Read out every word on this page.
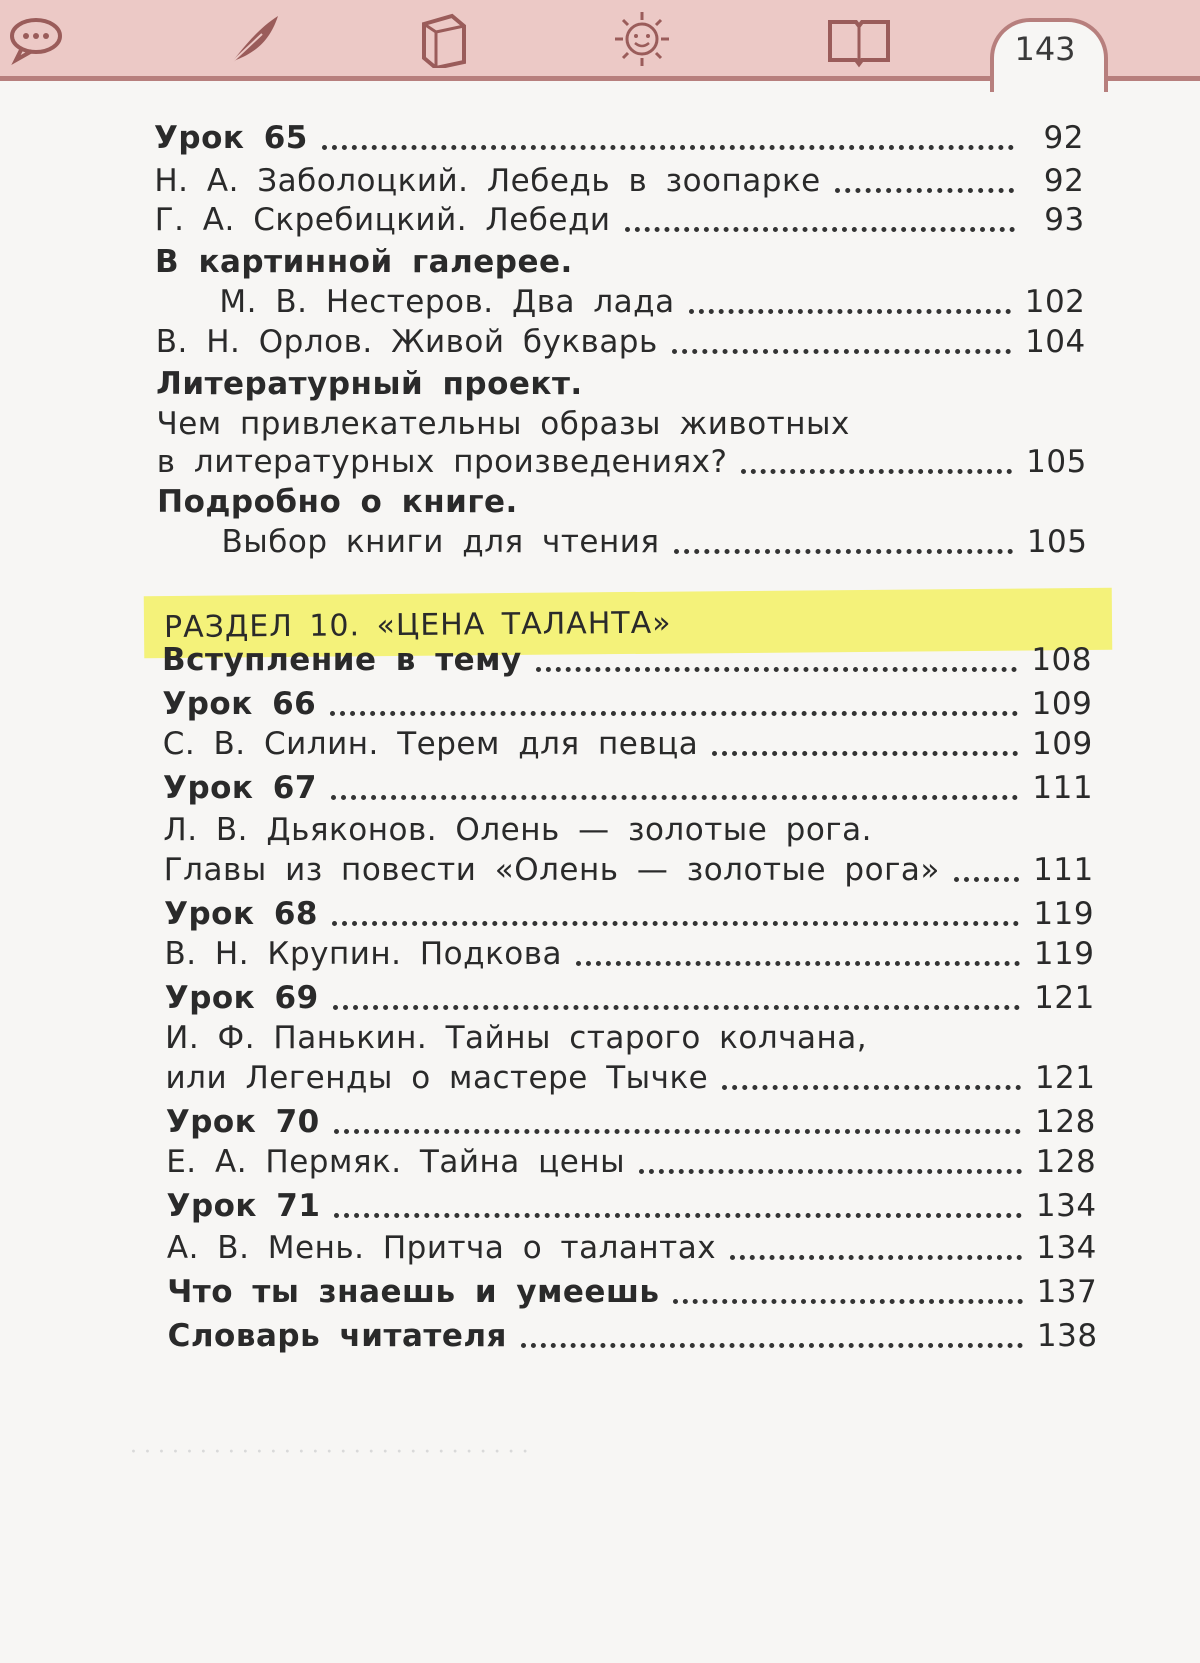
143
· · · · · · · · · · · · · · · · · · · · · · · · · · · · ·
Урок 65	92
Н. А. Заболоцкий. Лебедь в зоопарке	92
Г. А. Скребицкий. Лебеди	93
В картинной галерее.
М. В. Нестеров. Два лада	102
В. Н. Орлов. Живой букварь	104
Литературный проект.
Чем привлекательны образы животных
в литературных произведениях?	105
Подробно о книге.
Выбор книги для чтения	105
РАЗДЕЛ 10. «ЦЕНА ТАЛАНТА»
Вступление в тему	108
Урок 66	109
С. В. Силин. Терем для певца	109
Урок 67	111
Л. В. Дьяконов. Олень — золотые рога.
Главы из повести «Олень — золотые рога»	111
Урок 68	119
В. Н. Крупин. Подкова	119
Урок 69	121
И. Ф. Панькин. Тайны старого колчана,
или Легенды о мастере Тычке	121
Урок 70	128
Е. А. Пермяк. Тайна цены	128
Урок 71	134
А. В. Мень. Притча о талантах	134
Что ты знаешь и умеешь	137
Словарь читателя	138
